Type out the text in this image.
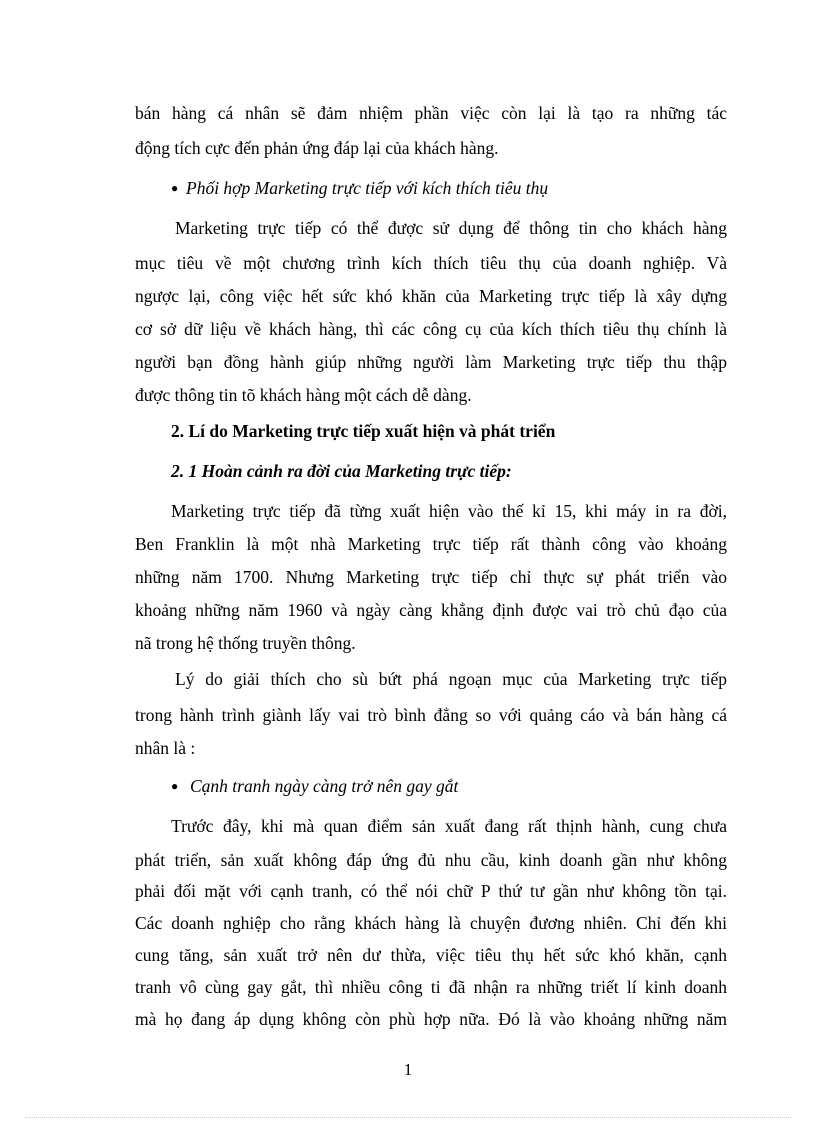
bán hàng cá nhân sẽ đảm nhiệm phần việc còn lại là tạo ra những tác
động tích cực đến phản ứng đáp lại của khách hàng.
● Phối hợp Marketing trực tiếp với kích thích tiêu thụ
Marketing trực tiếp có thể được sử dụng để thông tin cho khách hàng
mục tiêu về một chương trình kích thích tiêu thụ của doanh nghiệp. Và
ngược lại, công việc hết sức khó khăn của Marketing trực tiếp là xây dựng
cơ sở dữ liệu về khách hàng, thì các công cụ của kích thích tiêu thụ chính là
người bạn đồng hành giúp những người làm Marketing trực tiếp thu thập
được thông tin tõ khách hàng một cách dễ dàng.
2. Lí do Marketing trực tiếp xuất hiện và phát triển
2. 1 Hoàn cảnh ra đời của Marketing trực tiếp:
Marketing trực tiếp đã từng xuất hiện vào thế kỉ 15, khi máy in ra đời,
Ben Franklin là một nhà Marketing trực tiếp rất thành công vào khoảng
những năm 1700. Nhưng Marketing trực tiếp chỉ thực sự phát triển vào
khoảng những năm 1960 và ngày càng khẳng định được vai trò chủ đạo của
nã trong hệ thống truyền thông.
Lý do giải thích cho sù bứt phá ngoạn mục của Marketing trực tiếp
trong hành trình giành lấy vai trò bình đẳng so với quảng cáo và bán hàng cá
nhân là :
● Cạnh tranh ngày càng trở nên gay gắt
Trước đây, khi mà quan điểm sản xuất đang rất thịnh hành, cung chưa
phát triển, sản xuất không đáp ứng đủ nhu cầu, kinh doanh gần như không
phải đối mặt với cạnh tranh, có thể nói chữ P thứ tư gần như không tồn tại.
Các doanh nghiệp cho rằng khách hàng là chuyện đương nhiên. Chỉ đến khi
cung tăng, sản xuất trở nên dư thừa, việc tiêu thụ hết sức khó khăn, cạnh
tranh vô cùng gay gắt, thì nhiều công ti đã nhận ra những triết lí kinh doanh
mà họ đang áp dụng không còn phù hợp nữa. Đó là vào khoảng những năm
1
